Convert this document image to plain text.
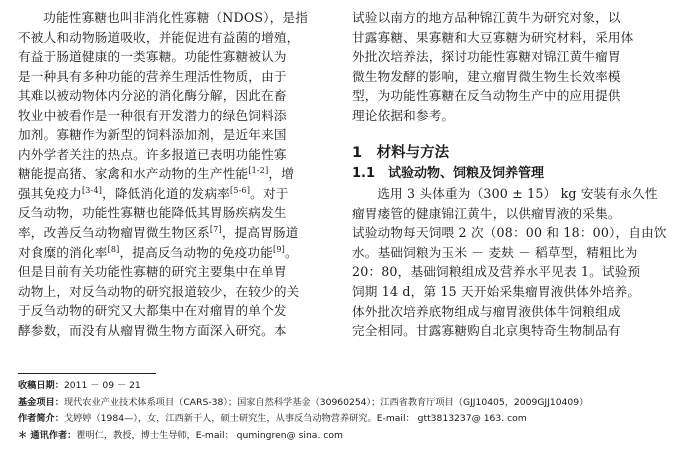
功能性寡糖也叫非消化性寡糖（NDOS），是指
不被人和动物肠道吸收，并能促进有益菌的增殖，
有益于肠道健康的一类寡糖。功能性寡糖被认为
是一种具有多种功能的营养生理活性物质，由于
其难以被动物体内分泌的消化酶分解，因此在畜
牧业中被看作是一种很有开发潜力的绿色饲料添
加剂。寡糖作为新型的饲料添加剂，是近年来国
内外学者关注的热点。许多报道已表明功能性寡
糖能提高猪、家禽和水产动物的生产性能[1-2]，增
强其免疫力[3-4]，降低消化道的发病率[5-6]。对于
反刍动物，功能性寡糖也能降低其胃肠疾病发生
率，改善反刍动物瘤胃微生物区系[7]，提高胃肠道
对食糜的消化率[8]，提高反刍动物的免疫功能[9]。
但是目前有关功能性寡糖的研究主要集中在单胃
动物上，对反刍动物的研究报道较少，在较少的关
于反刍动物的研究又大都集中在对瘤胃的单个发
酵参数，而没有从瘤胃微生物方面深入研究。本

试验以南方的地方品种锦江黄牛为研究对象，以
甘露寡糖、果寡糖和大豆寡糖为研究材料，采用体
外批次培养法，探讨功能性寡糖对锦江黄牛瘤胃
微生物发酵的影响，建立瘤胃微生物生长效率模
型，为功能性寡糖在反刍动物生产中的应用提供
理论依据和参考。

1　材料与方法
1.1　试验动物、饲粮及饲养管理

选用 3 头体重为（300 ± 15） kg 安装有永久性
瘤胃瘘管的健康锦江黄牛，以供瘤胃液的采集。
试验动物每天饲喂 2 次（08：00 和 18：00），自由饮
水。基础饲粮为玉米 － 麦麸 － 稻草型，精粗比为
20：80，基础饲粮组成及营养水平见表 1。试验预
饲期 14 d，第 15 天开始采集瘤胃液供体外培养。
体外批次培养底物组成与瘤胃液供体牛饲粮组成
完全相同。甘露寡糖购自北京奥特奇生物制品有

收稿日期：2011 － 09 － 21
基金项目：现代农业产业技术体系项目（CARS-38）；国家自然科学基金（30960254）；江西省教育厅项目（GJJ10405，2009GJJ10409）
作者简介：戈婷婷（1984—），女，江西新干人，硕士研究生，从事反刍动物营养研究。E-mail： gtt3813237@ 163. com
＊ 通讯作者：瞿明仁，教授，博士生导师，E-mail： qumingren@ sina. com
